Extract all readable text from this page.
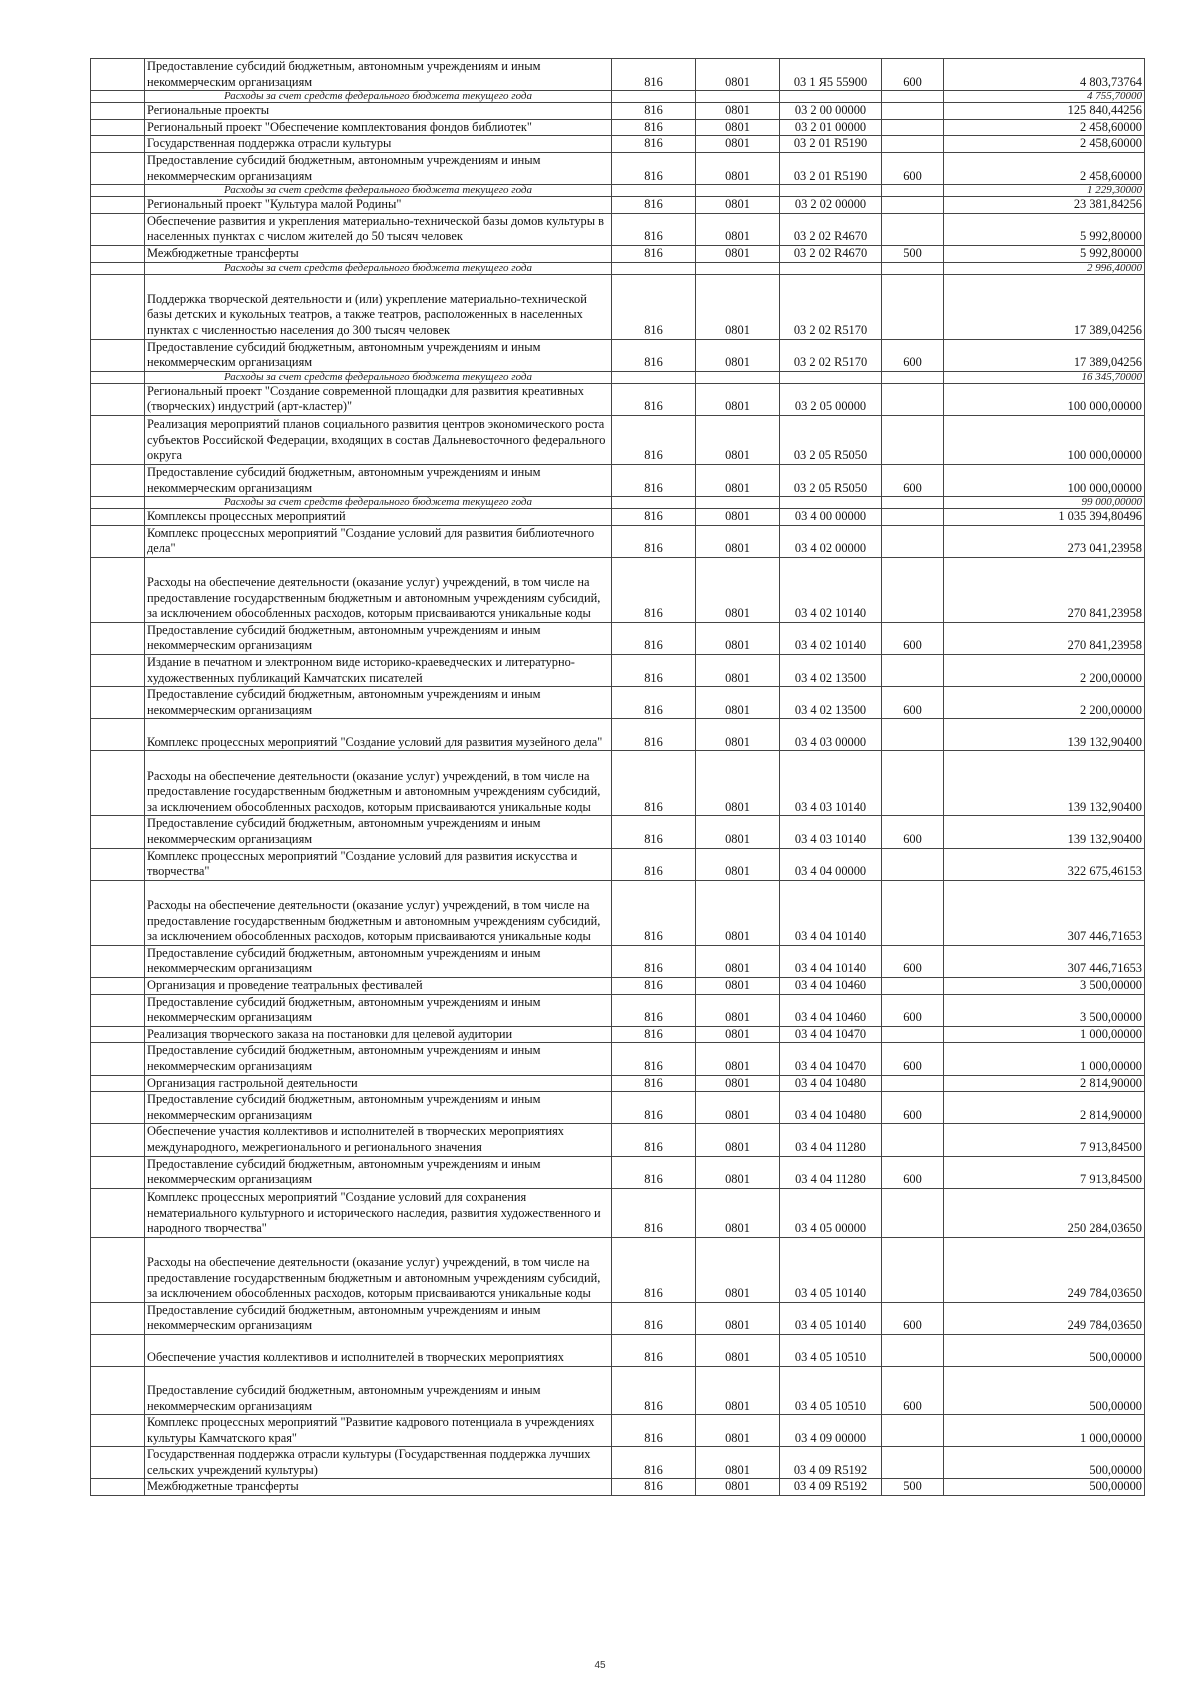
	Предоставление субсидий бюджетным, автономным учреждениям и иным некоммерческим организациям	816	0801	03 1 Я5 55900	600	4 803,73764
	Расходы за счет средств федерального бюджета текущего года					4 755,70000
	Региональные проекты	816	0801	03 2 00 00000		125 840,44256
	Региональный проект "Обеспечение комплектования фондов библиотек"	816	0801	03 2 01 00000		2 458,60000
	Государственная поддержка отрасли культуры	816	0801	03 2 01 R5190		2 458,60000
	Предоставление субсидий бюджетным, автономным учреждениям и иным некоммерческим организациям	816	0801	03 2 01 R5190	600	2 458,60000
	Расходы за счет средств федерального бюджета текущего года					1 229,30000
	Региональный проект "Культура малой Родины"	816	0801	03 2 02 00000		23 381,84256
	Обеспечение развития и укрепления материально-технической базы домов культуры в населенных пунктах с числом жителей до 50 тысяч человек	816	0801	03 2 02 R4670		5 992,80000
	Межбюджетные трансферты	816	0801	03 2 02 R4670	500	5 992,80000
	Расходы за счет средств федерального бюджета текущего года					2 996,40000
	Поддержка творческой деятельности и (или) укрепление материально-технической базы детских и кукольных театров, а также театров, расположенных в населенных пунктах с численностью населения до 300 тысяч человек	816	0801	03 2 02 R5170		17 389,04256
	Предоставление субсидий бюджетным, автономным учреждениям и иным некоммерческим организациям	816	0801	03 2 02 R5170	600	17 389,04256
	Расходы за счет средств федерального бюджета текущего года					16 345,70000
	Региональный проект "Создание современной площадки для развития креативных (творческих) индустрий (арт-кластер)"	816	0801	03 2 05 00000		100 000,00000
	Реализация мероприятий планов социального развития центров экономического роста субъектов Российской Федерации, входящих в состав Дальневосточного федерального округа	816	0801	03 2 05 R5050		100 000,00000
	Предоставление субсидий бюджетным, автономным учреждениям и иным некоммерческим организациям	816	0801	03 2 05 R5050	600	100 000,00000
	Расходы за счет средств федерального бюджета текущего года					99 000,00000
	Комплексы процессных мероприятий	816	0801	03 4 00 00000		1 035 394,80496
	Комплекс процессных мероприятий "Создание условий для развития библиотечного дела"	816	0801	03 4 02 00000		273 041,23958
	Расходы на обеспечение деятельности (оказание услуг) учреждений, в том числе на предоставление государственным бюджетным и автономным учреждениям субсидий, за исключением обособленных расходов, которым присваиваются уникальные коды	816	0801	03 4 02 10140		270 841,23958
	Предоставление субсидий бюджетным, автономным учреждениям и иным некоммерческим организациям	816	0801	03 4 02 10140	600	270 841,23958
	Издание в печатном и электронном виде историко-краеведческих и литературно-художественных публикаций Камчатских писателей	816	0801	03 4 02 13500		2 200,00000
	Предоставление субсидий бюджетным, автономным учреждениям и иным некоммерческим организациям	816	0801	03 4 02 13500	600	2 200,00000
	Комплекс процессных мероприятий "Создание условий для развития музейного дела"	816	0801	03 4 03 00000		139 132,90400
	Расходы на обеспечение деятельности (оказание услуг) учреждений, в том числе на предоставление государственным бюджетным и автономным учреждениям субсидий, за исключением обособленных расходов, которым присваиваются уникальные коды	816	0801	03 4 03 10140		139 132,90400
	Предоставление субсидий бюджетным, автономным учреждениям и иным некоммерческим организациям	816	0801	03 4 03 10140	600	139 132,90400
	Комплекс процессных мероприятий "Создание условий для развития искусства и творчества"	816	0801	03 4 04 00000		322 675,46153
	Расходы на обеспечение деятельности (оказание услуг) учреждений, в том числе на предоставление государственным бюджетным и автономным учреждениям субсидий, за исключением обособленных расходов, которым присваиваются уникальные коды	816	0801	03 4 04 10140		307 446,71653
	Предоставление субсидий бюджетным, автономным учреждениям и иным некоммерческим организациям	816	0801	03 4 04 10140	600	307 446,71653
	Организация и проведение театральных фестивалей	816	0801	03 4 04 10460		3 500,00000
	Предоставление субсидий бюджетным, автономным учреждениям и иным некоммерческим организациям	816	0801	03 4 04 10460	600	3 500,00000
	Реализация творческого заказа на постановки для целевой аудитории	816	0801	03 4 04 10470		1 000,00000
	Предоставление субсидий бюджетным, автономным учреждениям и иным некоммерческим организациям	816	0801	03 4 04 10470	600	1 000,00000
	Организация гастрольной деятельности	816	0801	03 4 04 10480		2 814,90000
	Предоставление субсидий бюджетным, автономным учреждениям и иным некоммерческим организациям	816	0801	03 4 04 10480	600	2 814,90000
	Обеспечение участия коллективов и исполнителей в творческих мероприятиях международного, межрегионального и регионального значения	816	0801	03 4 04 11280		7 913,84500
	Предоставление субсидий бюджетным, автономным учреждениям и иным некоммерческим организациям	816	0801	03 4 04 11280	600	7 913,84500
	Комплекс процессных мероприятий "Создание условий для сохранения нематериального культурного и исторического наследия, развития художественного и народного творчества"	816	0801	03 4 05 00000		250 284,03650
	Расходы на обеспечение деятельности (оказание услуг) учреждений, в том числе на предоставление государственным бюджетным и автономным учреждениям субсидий, за исключением обособленных расходов, которым присваиваются уникальные коды	816	0801	03 4 05 10140		249 784,03650
	Предоставление субсидий бюджетным, автономным учреждениям и иным некоммерческим организациям	816	0801	03 4 05 10140	600	249 784,03650
	Обеспечение участия коллективов и исполнителей в творческих мероприятиях	816	0801	03 4 05 10510		500,00000
	Предоставление субсидий бюджетным, автономным учреждениям и иным некоммерческим организациям	816	0801	03 4 05 10510	600	500,00000
	Комплекс процессных мероприятий "Развитие кадрового потенциала в учреждениях культуры Камчатского края"	816	0801	03 4 09 00000		1 000,00000
	Государственная поддержка отрасли культуры (Государственная поддержка лучших сельских учреждений культуры)	816	0801	03 4 09 R5192		500,00000
	Межбюджетные трансферты	816	0801	03 4 09 R5192	500	500,00000
45
